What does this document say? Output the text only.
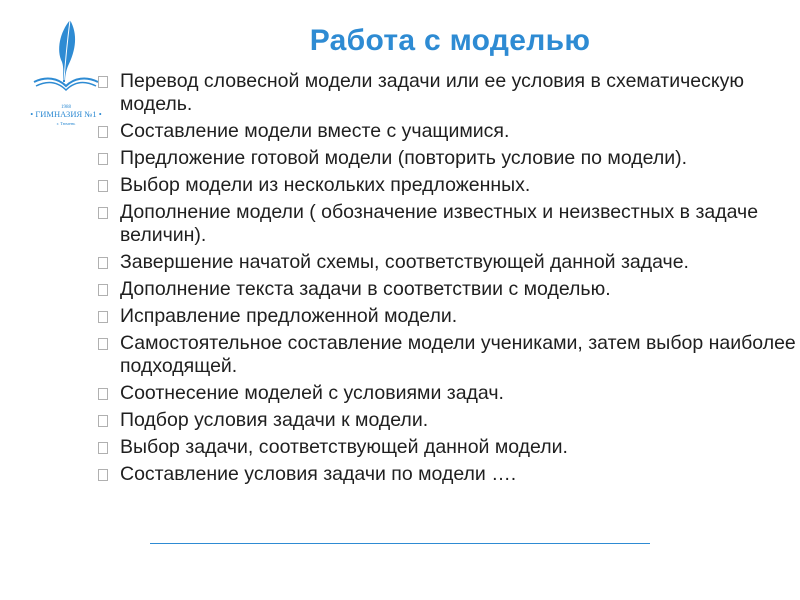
1988
• ГИМНАЗИЯ №1 •
г. Тюмень
Работа с моделью
Перевод словесной модели задачи или ее условия в схематическую модель.
Составление модели вместе с учащимися.
Предложение готовой модели (повторить условие по модели).
Выбор модели из нескольких предложенных.
Дополнение модели ( обозначение известных и неизвестных в задаче величин).
Завершение начатой схемы, соответствующей данной задаче.
Дополнение текста задачи в соответствии с моделью.
Исправление предложенной модели.
Самостоятельное составление модели учениками, затем выбор наиболее подходящей.
Соотнесение моделей с условиями задач.
Подбор условия задачи к модели.
Выбор задачи, соответствующей данной модели.
Составление условия задачи по модели ….
